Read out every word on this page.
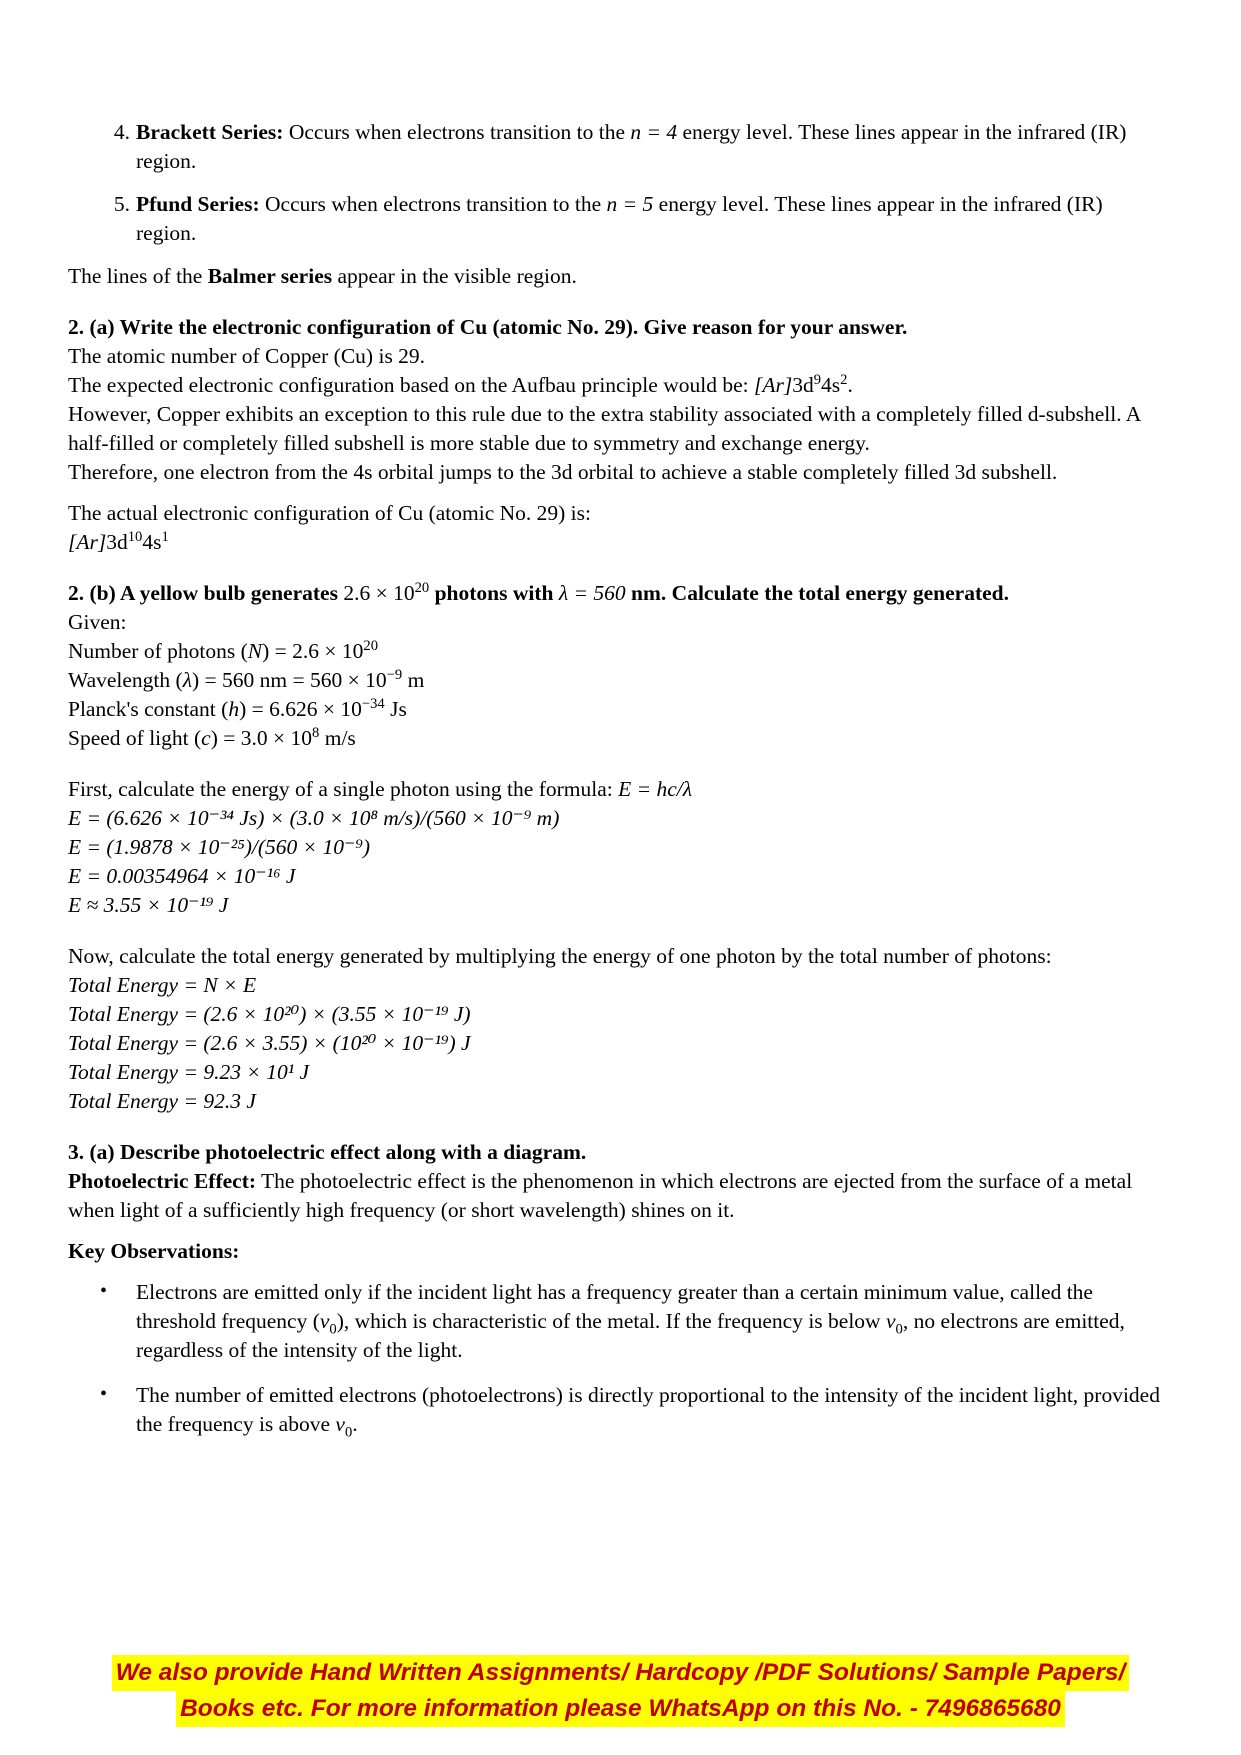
4. Brackett Series: Occurs when electrons transition to the n = 4 energy level. These lines appear in the infrared (IR) region.
5. Pfund Series: Occurs when electrons transition to the n = 5 energy level. These lines appear in the infrared (IR) region.

The lines of the Balmer series appear in the visible region.

2. (a) Write the electronic configuration of Cu (atomic No. 29). Give reason for your answer.

The atomic number of Copper (Cu) is 29.

The expected electronic configuration based on the Aufbau principle would be: $[Ar]3d^94s^2$.

However, Copper exhibits an exception to this rule due to the extra stability associated with a completely filled d-subshell. A half-filled or completely filled subshell is more stable due to symmetry and exchange energy.

Therefore, one electron from the 4s orbital jumps to the 3d orbital to achieve a stable completely filled 3d subshell.

The actual electronic configuration of Cu (atomic No. 29) is:

$[Ar]3d^{10}4s^1$

2. (b) A yellow bulb generates $2.6 \times 10^{20}$ photons with λ = 560 nm. Calculate the total energy generated.

Given:

Number of photons $(N) = 2.6 \times 10^{20}$

Wavelength (λ) = 560 nm = $560 \times 10^{-9}$ m

Planck's constant $(h) = 6.626 \times 10^{-34}$ Js

Speed of light $(c) = 3.0 \times 10^8$ m/s

First, calculate the energy of a single photon using the formula: E = hc/λ

E = (6.626 × 10⁻³⁴ Js) × (3.0 × 10⁸ m/s)/(560 × 10⁻⁹ m)

E = (1.9878 × 10⁻²⁵)/(560 × 10⁻⁹)

E = 0.00354964 × 10⁻¹⁶ J

E ≈ 3.55 × 10⁻¹⁹ J

Now, calculate the total energy generated by multiplying the energy of one photon by the total number of photons:

Total Energy = N × E

Total Energy = (2.6 × 10²⁰) × (3.55 × 10⁻¹⁹ J)

Total Energy = (2.6 × 3.55) × (10²⁰ × 10⁻¹⁹) J

Total Energy = 9.23 × 10¹ J

Total Energy = 92.3 J

3. (a) Describe photoelectric effect along with a diagram.

Photoelectric Effect: The photoelectric effect is the phenomenon in which electrons are ejected from the surface of a metal when light of a sufficiently high frequency (or short wavelength) shines on it.

Key Observations:

• Electrons are emitted only if the incident light has a frequency greater than a certain minimum value, called the threshold frequency $(\nu_0)$, which is characteristic of the metal. If the frequency is below $\nu_0$, no electrons are emitted, regardless of the intensity of the light.
• The number of emitted electrons (photoelectrons) is directly proportional to the intensity of the incident light, provided the frequency is above $\nu_0$.
We also provide Hand Written Assignments/ Hardcopy /PDF Solutions/ Sample Papers/ Books etc. For more information please WhatsApp on this No. - 7496865680
